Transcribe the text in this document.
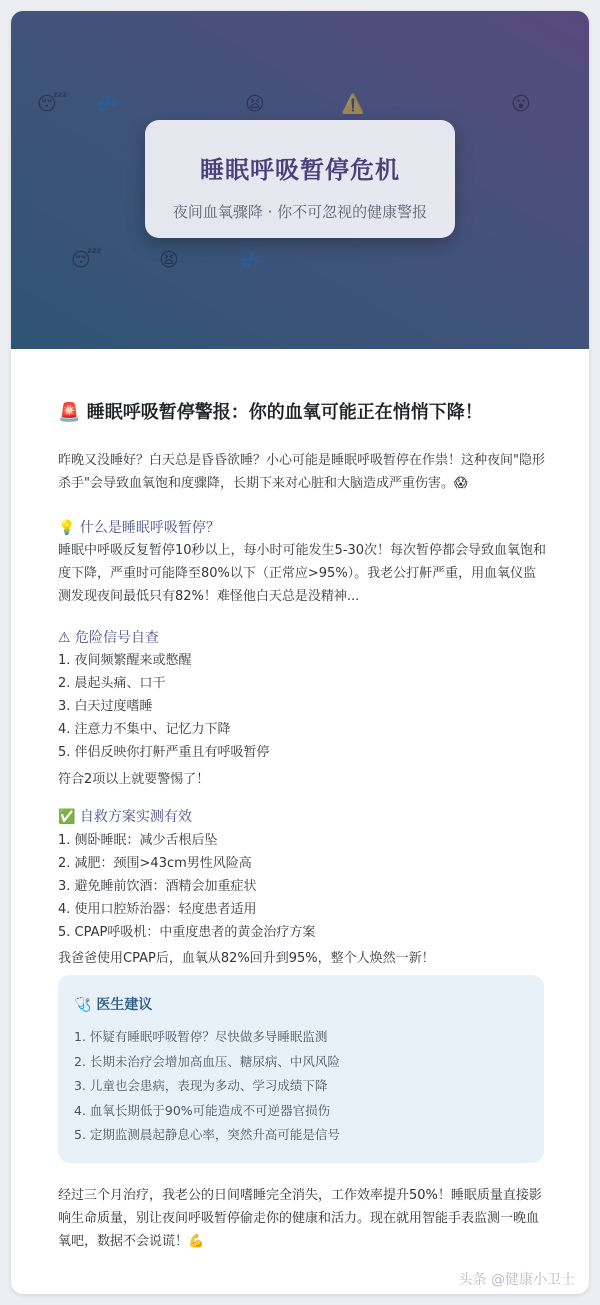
😴 💤	😫	⚠️	😮
😴	😫	💤
睡眠呼吸暂停危机
夜间血氧骤降 · 你不可忽视的健康警报
🚨 睡眠呼吸暂停警报：你的血氧可能正在悄悄下降！
昨晚又没睡好？白天总是昏昏欲睡？小心可能是睡眠呼吸暂停在作祟！这种夜间"隐形杀手"会导致血氧饱和度骤降，长期下来对心脏和大脑造成严重伤害。😱
💡 什么是睡眠呼吸暂停？
睡眠中呼吸反复暂停10秒以上，每小时可能发生5-30次！每次暂停都会导致血氧饱和度下降，严重时可能降至80%以下（正常应>95%）。我老公打鼾严重，用血氧仪监测发现夜间最低只有82%！难怪他白天总是没精神...
⚠ 危险信号自查
1. 夜间频繁醒来或憋醒
2. 晨起头痛、口干
3. 白天过度嗜睡
4. 注意力不集中、记忆力下降
5. 伴侣反映你打鼾严重且有呼吸暂停
符合2项以上就要警惕了！
✅ 自救方案实测有效
1. 侧卧睡眠：减少舌根后坠
2. 减肥：颈围>43cm男性风险高
3. 避免睡前饮酒：酒精会加重症状
4. 使用口腔矫治器：轻度患者适用
5. CPAP呼吸机：中重度患者的黄金治疗方案
我爸爸使用CPAP后，血氧从82%回升到95%，整个人焕然一新！
🩺 医生建议
1. 怀疑有睡眠呼吸暂停？尽快做多导睡眠监测
2. 长期未治疗会增加高血压、糖尿病、中风风险
3. 儿童也会患病，表现为多动、学习成绩下降
4. 血氧长期低于90%可能造成不可逆器官损伤
5. 定期监测晨起静息心率，突然升高可能是信号
经过三个月治疗，我老公的日间嗜睡完全消失，工作效率提升50%！睡眠质量直接影响生命质量，别让夜间呼吸暂停偷走你的健康和活力。现在就用智能手表监测一晚血氧吧，数据不会说谎！💪
头条 @健康小卫士
